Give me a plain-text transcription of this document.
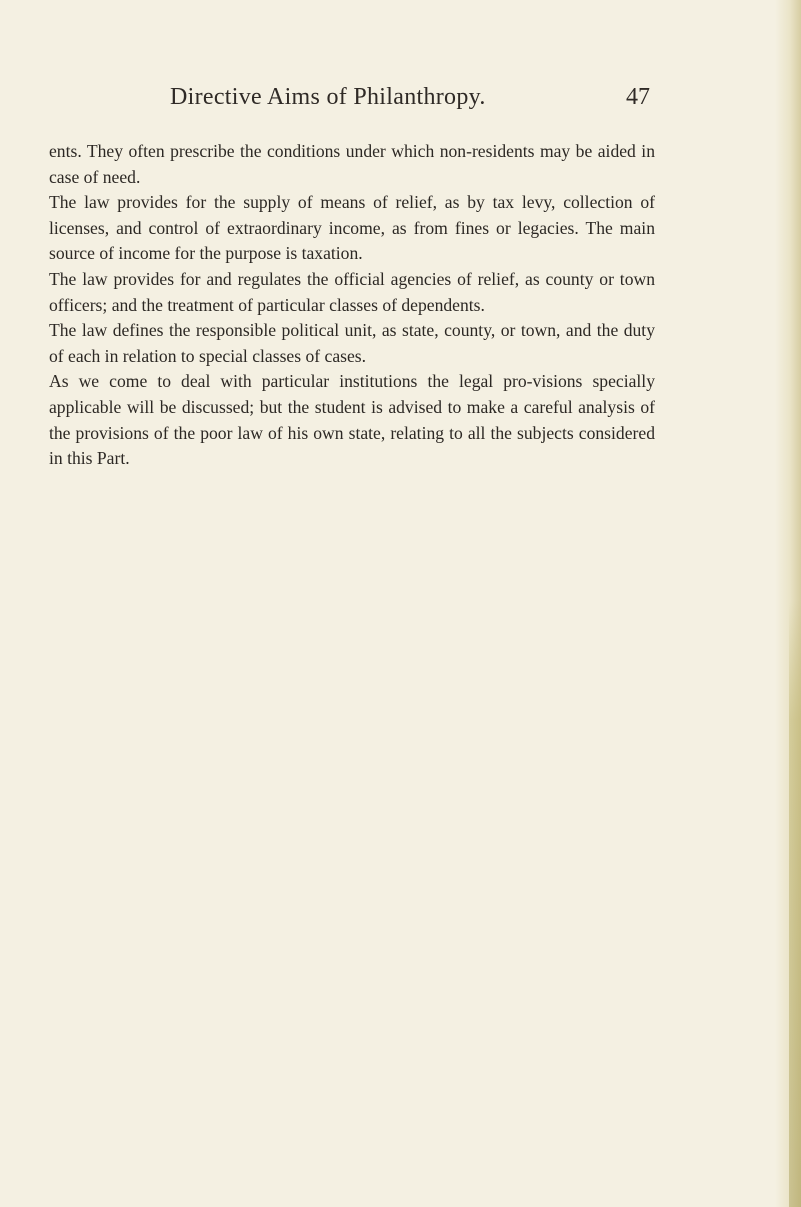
Directive Aims of Philanthropy.	47

ents. They often prescribe the conditions under which non-residents may be aided in case of need.

The law provides for the supply of means of relief, as by tax levy, collection of licenses, and control of extraordinary income, as from fines or legacies. The main source of income for the purpose is taxation.

The law provides for and regulates the official agencies of relief, as county or town officers; and the treatment of particular classes of dependents.

The law defines the responsible political unit, as state, county, or town, and the duty of each in relation to special classes of cases.

As we come to deal with particular institutions the legal pro-visions specially applicable will be discussed; but the student is advised to make a careful analysis of the provisions of the poor law of his own state, relating to all the subjects considered in this Part.
